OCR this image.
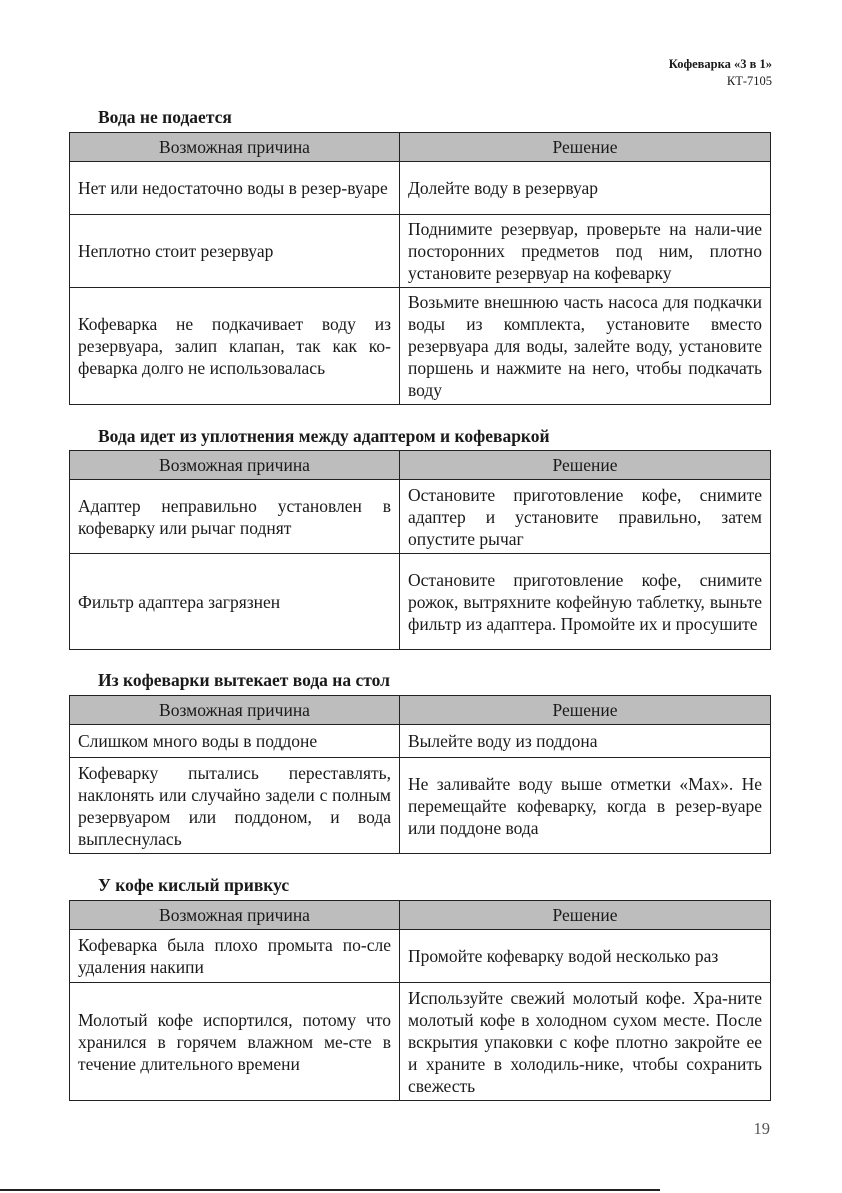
Кофеварка «3 в 1»
КТ-7105
Вода не подается
Возможная причина	Решение
Нет или недостаточно воды в резер-вуаре	Долейте воду в резервуар
Неплотно стоит резервуар	Поднимите резервуар, проверьте на нали-чие посторонних предметов под ним, плотно установите резервуар на кофеварку
Кофеварка не подкачивает воду из резервуара, залип клапан, так как ко-феварка долго не использовалась	Возьмите внешнюю часть насоса для подкачки воды из комплекта, установите вместо резервуара для воды, залейте воду, установите поршень и нажмите на него, чтобы подкачать воду
Вода идет из уплотнения между адаптером и кофеваркой
Возможная причина	Решение
Адаптер неправильно установлен в кофеварку или рычаг поднят	Остановите приготовление кофе, снимите адаптер и установите правильно, затем опустите рычаг
Фильтр адаптера загрязнен	Остановите приготовление кофе, снимите рожок, вытряхните кофейную таблетку, выньте фильтр из адаптера. Промойте их и просушите
Из кофеварки вытекает вода на стол
Возможная причина	Решение
Слишком много воды в поддоне	Вылейте воду из поддона
Кофеварку пытались переставлять, наклонять или случайно задели с полным резервуаром или поддоном, и вода выплеснулась	Не заливайте воду выше отметки «Max». Не перемещайте кофеварку, когда в резер-вуаре или поддоне вода
У кофе кислый привкус
Возможная причина	Решение
Кофеварка была плохо промыта по-сле удаления накипи	Промойте кофеварку водой несколько раз
Молотый кофе испортился, потому что хранился в горячем влажном ме-сте в течение длительного времени	Используйте свежий молотый кофе. Хра-ните молотый кофе в холодном сухом месте. После вскрытия упаковки с кофе плотно закройте ее и храните в холодиль-нике, чтобы сохранить свежесть
19
